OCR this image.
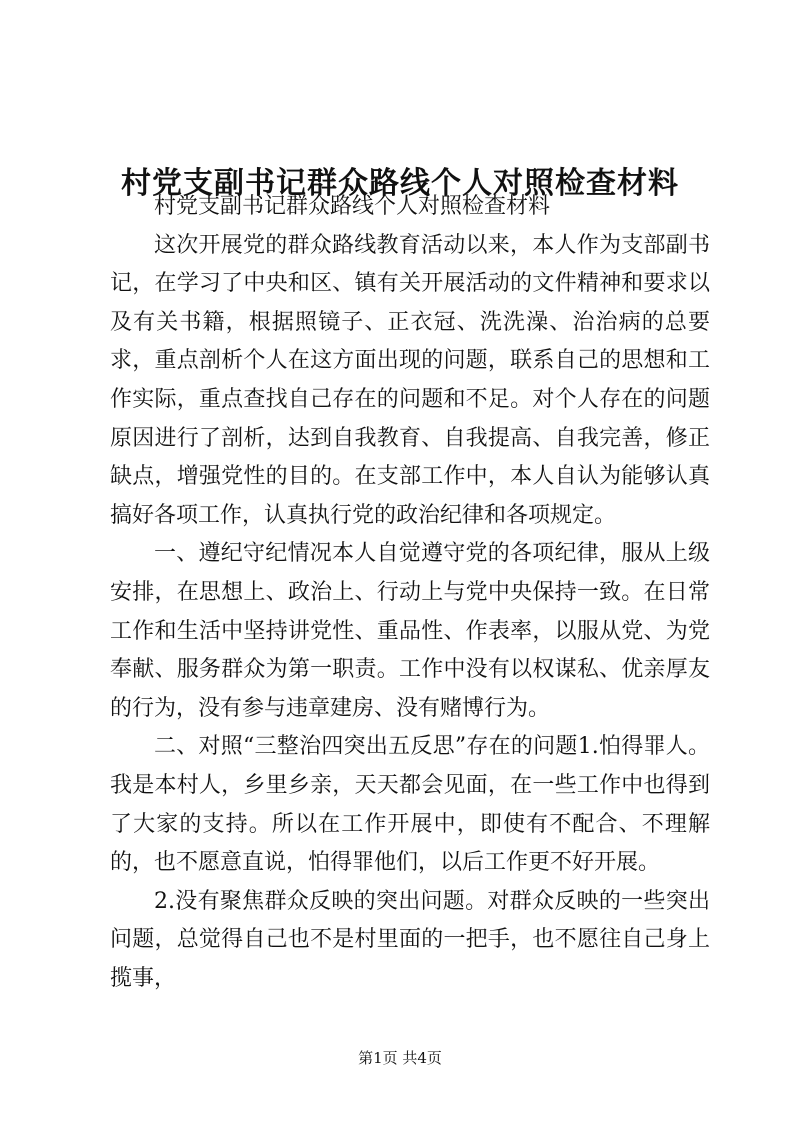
村党支副书记群众路线个人对照检查材料

村党支副书记群众路线个人对照检查材料

这次开展党的群众路线教育活动以来，本人作为支部副书记，在学习了中央和区、镇有关开展活动的文件精神和要求以及有关书籍，根据照镜子、正衣冠、洗洗澡、治治病的总要求，重点剖析个人在这方面出现的问题，联系自己的思想和工作实际，重点查找自己存在的问题和不足。对个人存在的问题原因进行了剖析，达到自我教育、自我提高、自我完善，修正缺点，增强党性的目的。在支部工作中，本人自认为能够认真搞好各项工作，认真执行党的政治纪律和各项规定。

一、遵纪守纪情况本人自觉遵守党的各项纪律，服从上级安排，在思想上、政治上、行动上与党中央保持一致。在日常工作和生活中坚持讲党性、重品性、作表率，以服从党、为党奉献、服务群众为第一职责。工作中没有以权谋私、优亲厚友的行为，没有参与违章建房、没有赌博行为。

二、对照“三整治四突出五反思”存在的问题1.怕得罪人。我是本村人，乡里乡亲，天天都会见面，在一些工作中也得到了大家的支持。所以在工作开展中，即使有不配合、不理解的，也不愿意直说，怕得罪他们，以后工作更不好开展。

2.没有聚焦群众反映的突出问题。对群众反映的一些突出问题，总觉得自己也不是村里面的一把手，也不愿往自己身上揽事，

第1页 共4页
